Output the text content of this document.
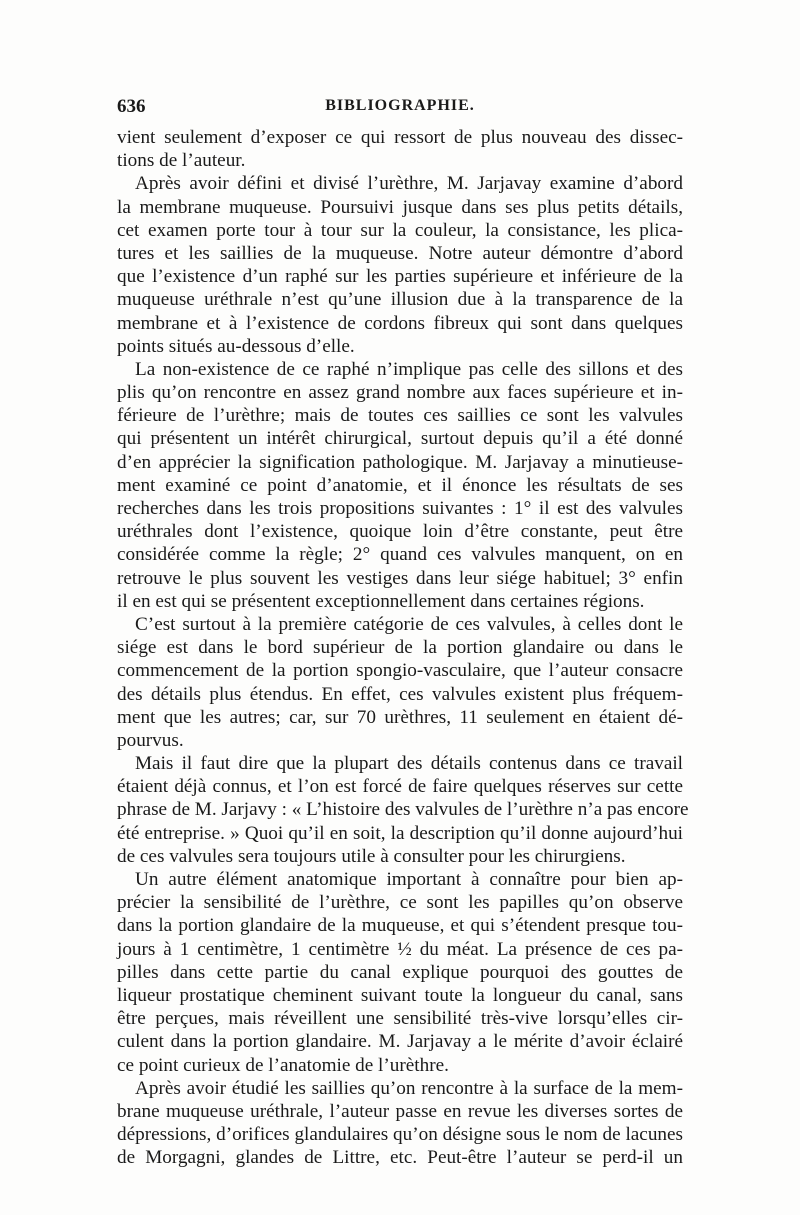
636	BIBLIOGRAPHIE.
vient seulement d’exposer ce qui ressort de plus nouveau des dissec-
tions de l’auteur.
Après avoir défini et divisé l’urèthre, M. Jarjavay examine d’abord
la membrane muqueuse. Poursuivi jusque dans ses plus petits détails,
cet examen porte tour à tour sur la couleur, la consistance, les plica-
tures et les saillies de la muqueuse. Notre auteur démontre d’abord
que l’existence d’un raphé sur les parties supérieure et inférieure de la
muqueuse uréthrale n’est qu’une illusion due à la transparence de la
membrane et à l’existence de cordons fibreux qui sont dans quelques
points situés au-dessous d’elle.
La non-existence de ce raphé n’implique pas celle des sillons et des
plis qu’on rencontre en assez grand nombre aux faces supérieure et in-
férieure de l’urèthre; mais de toutes ces saillies ce sont les valvules
qui présentent un intérêt chirurgical, surtout depuis qu’il a été donné
d’en apprécier la signification pathologique. M. Jarjavay a minutieuse-
ment examiné ce point d’anatomie, et il énonce les résultats de ses
recherches dans les trois propositions suivantes : 1° il est des valvules
uréthrales dont l’existence, quoique loin d’être constante, peut être
considérée comme la règle; 2° quand ces valvules manquent, on en
retrouve le plus souvent les vestiges dans leur siége habituel; 3° enfin
il en est qui se présentent exceptionnellement dans certaines régions.
C’est surtout à la première catégorie de ces valvules, à celles dont le
siége est dans le bord supérieur de la portion glandaire ou dans le
commencement de la portion spongio-vasculaire, que l’auteur consacre
des détails plus étendus. En effet, ces valvules existent plus fréquem-
ment que les autres; car, sur 70 urèthres, 11 seulement en étaient dé-
pourvus.
Mais il faut dire que la plupart des détails contenus dans ce travail
étaient déjà connus, et l’on est forcé de faire quelques réserves sur cette
phrase de M. Jarjavy : « L’histoire des valvules de l’urèthre n’a pas encore
été entreprise. » Quoi qu’il en soit, la description qu’il donne aujourd’hui
de ces valvules sera toujours utile à consulter pour les chirurgiens.
Un autre élément anatomique important à connaître pour bien ap-
précier la sensibilité de l’urèthre, ce sont les papilles qu’on observe
dans la portion glandaire de la muqueuse, et qui s’étendent presque tou-
jours à 1 centimètre, 1 centimètre ½ du méat. La présence de ces pa-
pilles dans cette partie du canal explique pourquoi des gouttes de
liqueur prostatique cheminent suivant toute la longueur du canal, sans
être perçues, mais réveillent une sensibilité très-vive lorsqu’elles cir-
culent dans la portion glandaire. M. Jarjavay a le mérite d’avoir éclairé
ce point curieux de l’anatomie de l’urèthre.
Après avoir étudié les saillies qu’on rencontre à la surface de la mem-
brane muqueuse uréthrale, l’auteur passe en revue les diverses sortes de
dépressions, d’orifices glandulaires qu’on désigne sous le nom de lacunes
de Morgagni, glandes de Littre, etc. Peut-être l’auteur se perd-il un
